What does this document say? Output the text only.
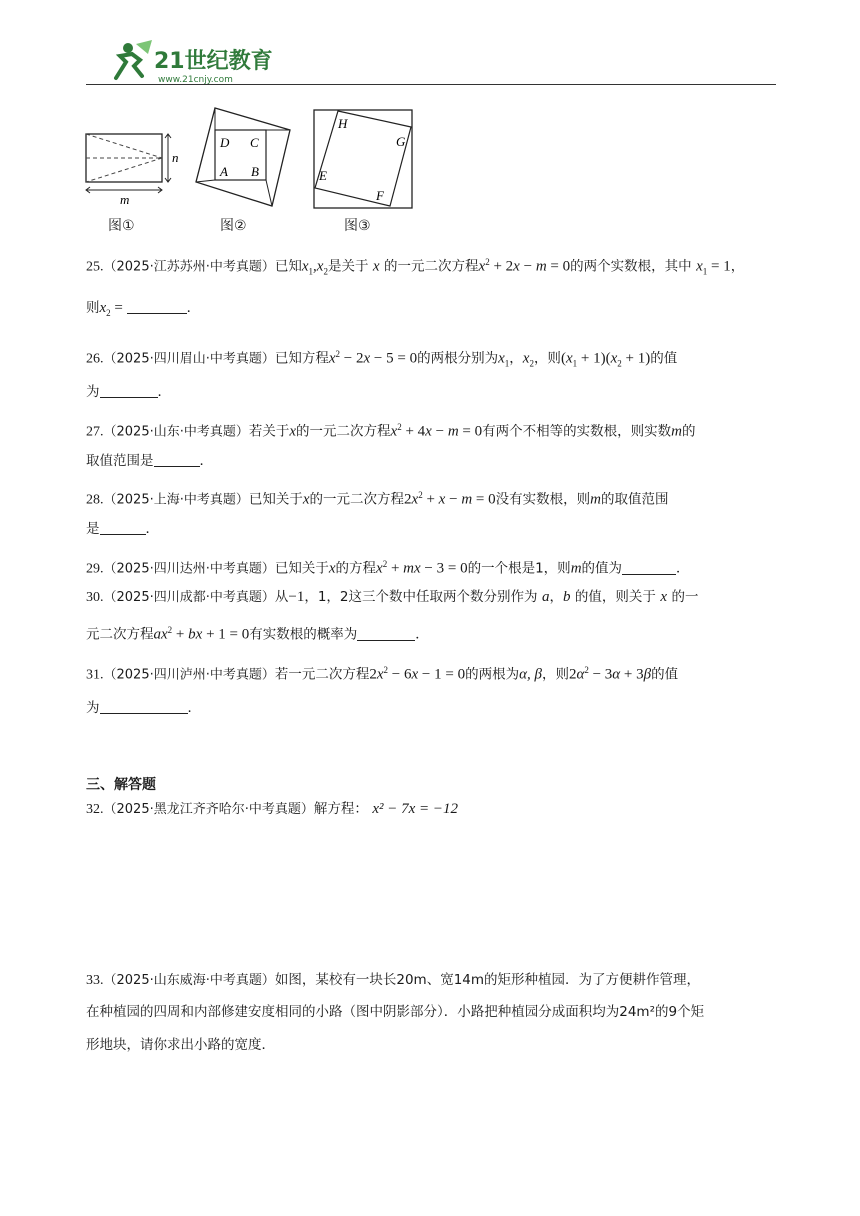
21世纪教育
www.21cnjy.com
n
m
图①
D C
A B
图②
H
G
E
F
图③
25.（2025·江苏苏州·中考真题）已知$x_1,x_2$是关于 x 的一元二次方程$x^2 + 2x - m = 0$的两个实数根，其中 $x_1 = 1$，
则$x_2$ =	．
26.（2025·四川眉山·中考真题）已知方程$x^2 - 2x - 5 = 0$的两根分别为$x_1$，$x_2$，则$(x_1 + 1)(x_2 + 1)$的值
为	．
27.（2025·山东·中考真题）若关于x的一元二次方程$x^2 + 4x - m = 0$有两个不相等的实数根，则实数m的
取值范围是	．
28.（2025·上海·中考真题）已知关于x的一元二次方程$2x^2 + x - m = 0$没有实数根，则m的取值范围
是	．
29.（2025·四川达州·中考真题）已知关于x的方程$x^2$ + mx − 3 = 0的一个根是1，则m的值为	．
30.（2025·四川成都·中考真题）从−1，1，2这三个数中任取两个数分别作为 a，b 的值，则关于 x 的一
元二次方程$ax^2$ + bx + 1 = 0有实数根的概率为	．
31.（2025·四川泸州·中考真题）若一元二次方程$2x^2 - 6x - 1 = 0$的两根为α, β，则$2\alpha^2 - 3\alpha + 3\beta$的值
为	．
三、解答题
32.（2025·黑龙江齐齐哈尔·中考真题）解方程： x² − 7x = −12
33.（2025·山东威海·中考真题）如图，某校有一块长20m、宽14m的矩形种植园．为了方便耕作管理，
在种植园的四周和内部修建安度相同的小路（图中阴影部分）．小路把种植园分成面积均为24m²的9个矩
形地块，请你求出小路的宽度．
